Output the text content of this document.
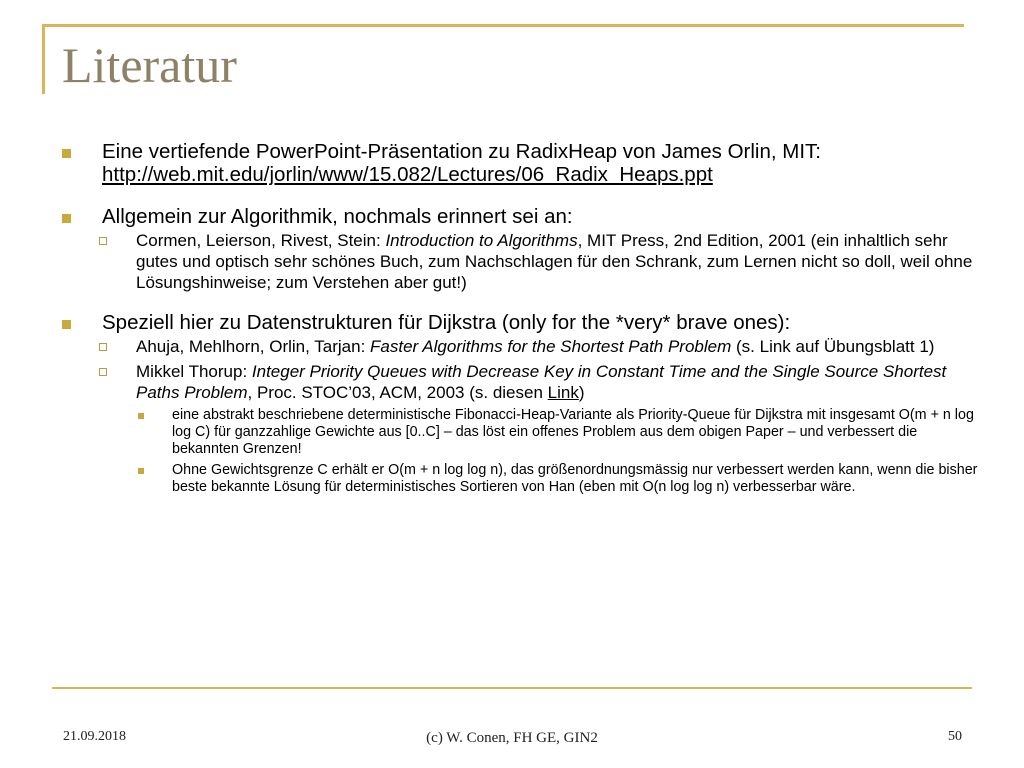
Literatur
Eine vertiefende PowerPoint-Präsentation zu RadixHeap von James Orlin, MIT:
http://web.mit.edu/jorlin/www/15.082/Lectures/06_Radix_Heaps.ppt
Allgemein zur Algorithmik, nochmals erinnert sei an:
Cormen, Leierson, Rivest, Stein: Introduction to Algorithms, MIT Press, 2nd Edition, 2001 (ein inhaltlich sehr gutes und optisch sehr schönes Buch, zum Nachschlagen für den Schrank, zum Lernen nicht so doll, weil ohne Lösungshinweise; zum Verstehen aber gut!)
Speziell hier zu Datenstrukturen für Dijkstra (only for the *very* brave ones):
Ahuja, Mehlhorn, Orlin, Tarjan: Faster Algorithms for the Shortest Path Problem (s. Link auf Übungsblatt 1)
Mikkel Thorup: Integer Priority Queues with Decrease Key in Constant Time and the Single Source Shortest Paths Problem, Proc. STOC’03, ACM, 2003 (s. diesen Link)
eine abstrakt beschriebene deterministische Fibonacci-Heap-Variante als Priority-Queue für Dijkstra mit insgesamt O(m + n log log C) für ganzzahlige Gewichte aus [0..C] – das löst ein offenes Problem aus dem obigen Paper – und verbessert die bekannten Grenzen!
Ohne Gewichtsgrenze C erhält er O(m + n log log n), das größenordnungsmässig nur verbessert werden kann, wenn die bisher beste bekannte Lösung für deterministisches Sortieren von Han (eben mit O(n log log n) verbesserbar wäre.
21.09.2018	(c) W. Conen, FH GE, GIN2	50
